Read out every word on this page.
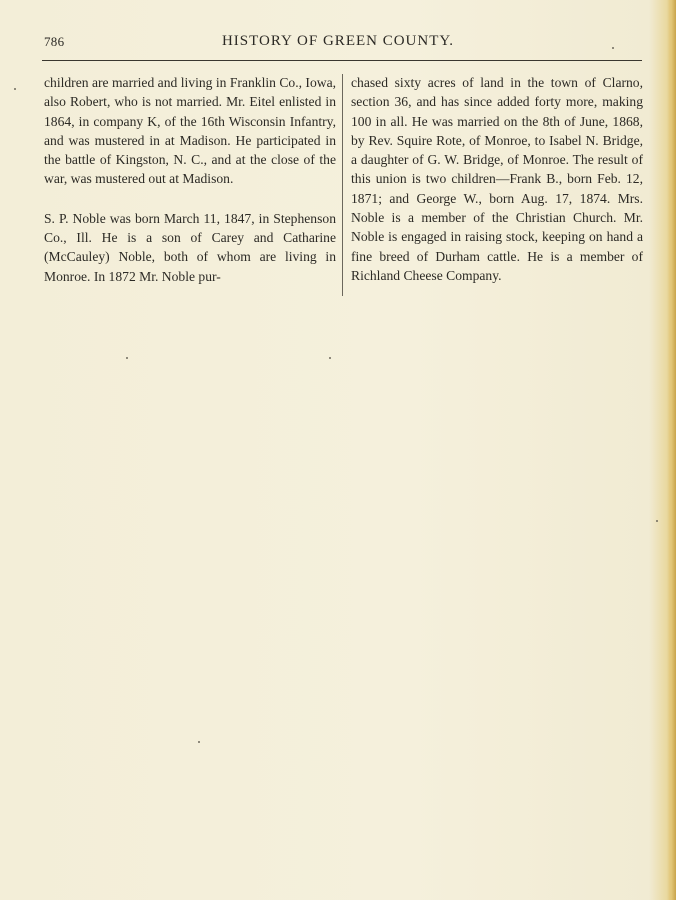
786	HISTORY OF GREEN COUNTY.

children are married and living in Franklin Co., Iowa, also Robert, who is not married. Mr. Eitel enlisted in 1864, in company K, of the 16th Wisconsin Infantry, and was mustered in at Madison. He participated in the battle of Kingston, N. C., and at the close of the war, was mustered out at Madison.

S. P. Noble was born March 11, 1847, in Stephenson Co., Ill. He is a son of Carey and Catharine (McCauley) Noble, both of whom are living in Monroe. In 1872 Mr. Noble pur-

chased sixty acres of land in the town of Clarno, section 36, and has since added forty more, making 100 in all. He was married on the 8th of June, 1868, by Rev. Squire Rote, of Monroe, to Isabel N. Bridge, a daughter of G. W. Bridge, of Monroe. The result of this union is two children—Frank B., born Feb. 12, 1871; and George W., born Aug. 17, 1874. Mrs. Noble is a member of the Christian Church. Mr. Noble is engaged in raising stock, keeping on hand a fine breed of Durham cattle. He is a member of Richland Cheese Company.
